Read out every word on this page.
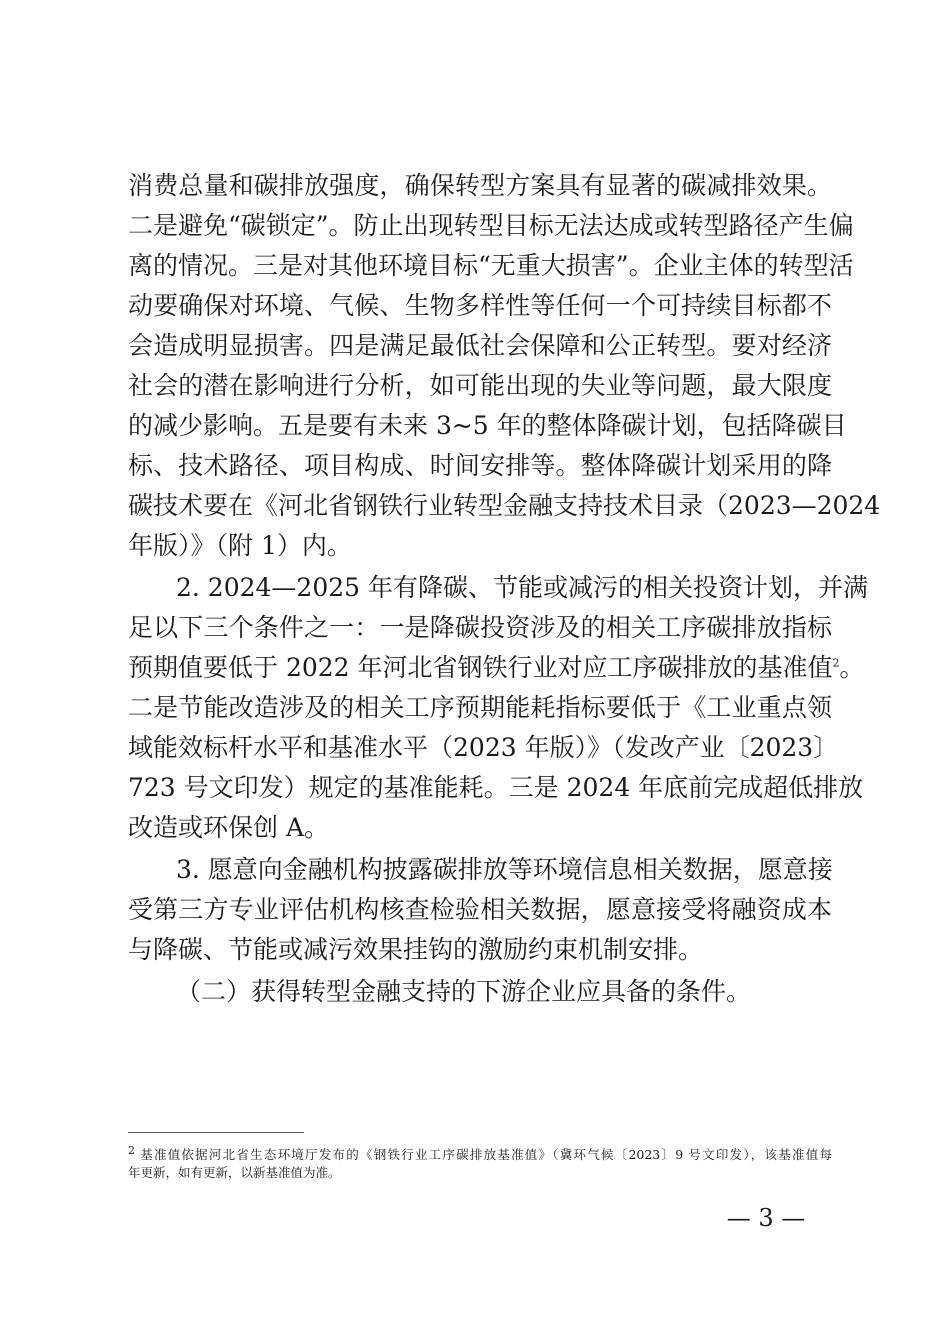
消费总量和碳排放强度，确保转型方案具有显著的碳减排效果。
二是避免“碳锁定”。防止出现转型目标无法达成或转型路径产生偏
离的情况。三是对其他环境目标“无重大损害”。企业主体的转型活
动要确保对环境、气候、生物多样性等任何一个可持续目标都不
会造成明显损害。四是满足最低社会保障和公正转型。要对经济
社会的潜在影响进行分析，如可能出现的失业等问题，最大限度
的减少影响。五是要有未来 3~5 年的整体降碳计划，包括降碳目
标、技术路径、项目构成、时间安排等。整体降碳计划采用的降
碳技术要在《河北省钢铁行业转型金融支持技术目录（2023—2024
年版）》（附 1）内。
2. 2024—2025 年有降碳、节能或减污的相关投资计划，并满
足以下三个条件之一：一是降碳投资涉及的相关工序碳排放指标
预期值要低于 2022 年河北省钢铁行业对应工序碳排放的基准值$^2$。
二是节能改造涉及的相关工序预期能耗指标要低于《工业重点领
域能效标杆水平和基准水平（2023 年版）》（发改产业〔2023〕
723 号文印发）规定的基准能耗。三是 2024 年底前完成超低排放
改造或环保创 A。
3. 愿意向金融机构披露碳排放等环境信息相关数据，愿意接
受第三方专业评估机构核查检验相关数据，愿意接受将融资成本
与降碳、节能或减污效果挂钩的激励约束机制安排。
（二）获得转型金融支持的下游企业应具备的条件。
$^2$ 基准值依据河北省生态环境厅发布的《钢铁行业工序碳排放基准值》（冀环气候〔2023〕9 号文印发），该基准值每
年更新，如有更新，以新基准值为准。
— 3 —
